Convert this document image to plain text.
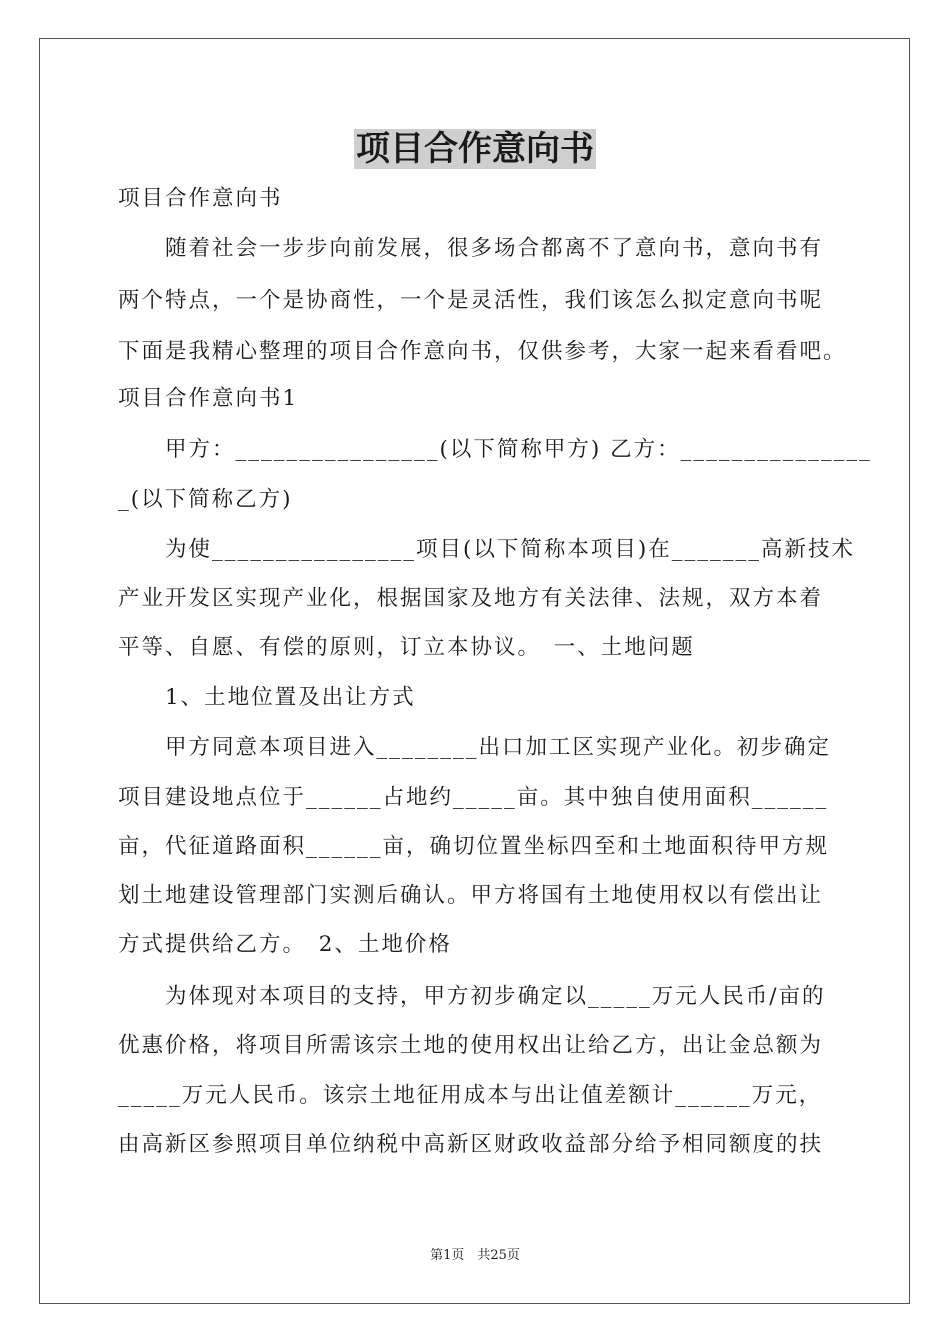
项目合作意向书
项目合作意向书
随着社会一步步向前发展，很多场合都离不了意向书，意向书有
两个特点，一个是协商性，一个是灵活性，我们该怎么拟定意向书呢
下面是我精心整理的项目合作意向书，仅供参考，大家一起来看看吧。
项目合作意向书1
甲方：________________(以下简称甲方) 乙方：_______________
_(以下简称乙方)
为使________________项目(以下简称本项目)在_______高新技术
产业开发区实现产业化，根据国家及地方有关法律、法规，双方本着
平等、自愿、有偿的原则，订立本协议。　一、土地问题
1、土地位置及出让方式
甲方同意本项目进入________出口加工区实现产业化。初步确定
项目建设地点位于______占地约_____亩。其中独自使用面积______
亩，代征道路面积______亩，确切位置坐标四至和土地面积待甲方规
划土地建设管理部门实测后确认。甲方将国有土地使用权以有偿出让
方式提供给乙方。　2、土地价格
为体现对本项目的支持，甲方初步确定以_____万元人民币/亩的
优惠价格，将项目所需该宗土地的使用权出让给乙方，出让金总额为
_____万元人民币。该宗土地征用成本与出让值差额计______万元，
由高新区参照项目单位纳税中高新区财政收益部分给予相同额度的扶
第1页　共25页
